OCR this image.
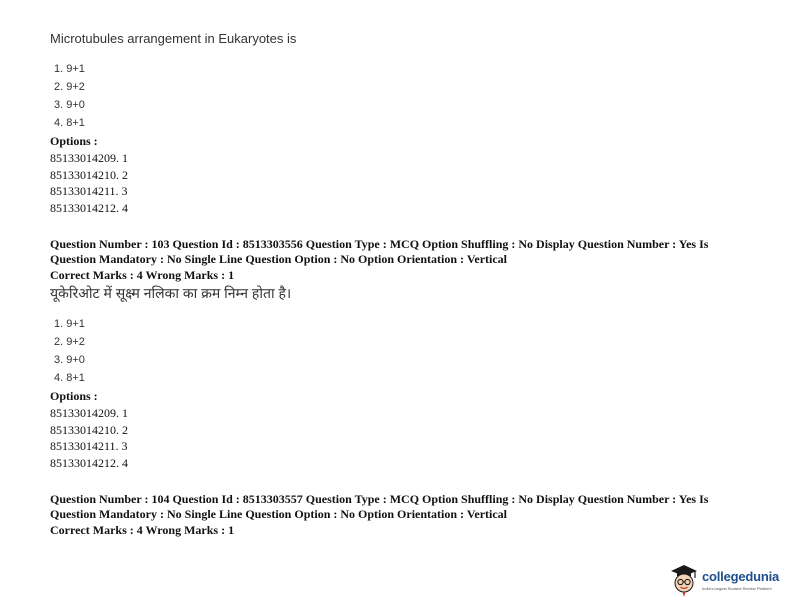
Microtubules arrangement in Eukaryotes is
1. 9+1
2. 9+2
3. 9+0
4. 8+1
Options :
85133014209. 1
85133014210. 2
85133014211. 3
85133014212. 4
Question Number : 103 Question Id : 8513303556 Question Type : MCQ Option Shuffling : No Display Question Number : Yes Is
Question Mandatory : No Single Line Question Option : No Option Orientation : Vertical
Correct Marks : 4 Wrong Marks : 1
यूकेरिओट में सूक्ष्म नलिका का क्रम निम्न होता है।
1. 9+1
2. 9+2
3. 9+0
4. 8+1
Options :
85133014209. 1
85133014210. 2
85133014211. 3
85133014212. 4
Question Number : 104 Question Id : 8513303557 Question Type : MCQ Option Shuffling : No Display Question Number : Yes Is
Question Mandatory : No Single Line Question Option : No Option Orientation : Vertical
Correct Marks : 4 Wrong Marks : 1
collegedunia
India's largest Student Review Platform
